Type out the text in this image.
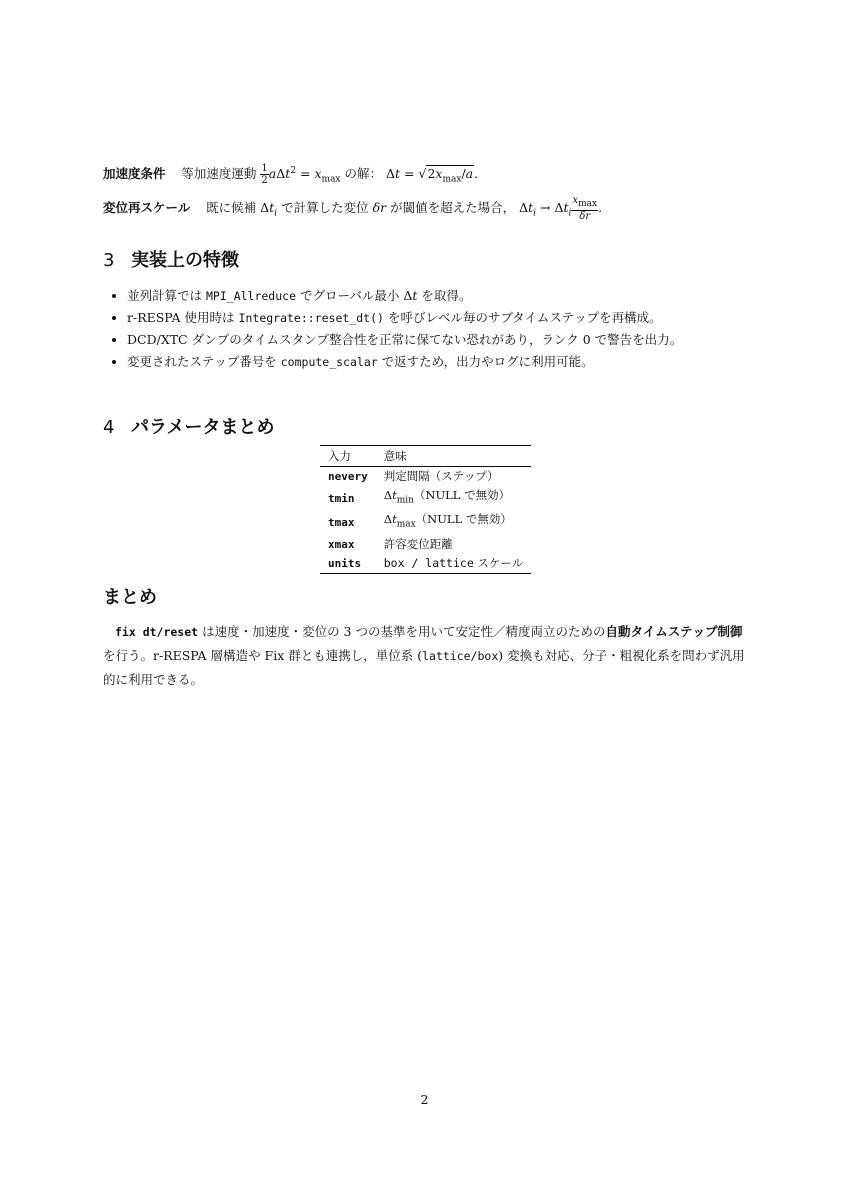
加速度条件 等加速度運動 $\frac{1}{2} a\Delta t^2 = x_{max}$ の解： $\Delta t = √2x_{max}/a$.
変位再スケール 既に候補 $\Delta t_i$ で計算した変位 δr が閾値を超えた場合， $\Delta t_i \to \Delta t_i \frac{x_{max}}{\delta r}$ .
3 実装上の特徴
• 並列計算では MPI_Allreduce でグローバル最小 Δt を取得。
• r-RESPA 使用時は Integrate::reset_dt() を呼びレベル毎のサブタイムステップを再構成。
• DCD/XTC ダンプのタイムスタンプ整合性を正常に保てない恐れがあり，ランク 0 で警告を出力。
• 変更されたステップ番号を compute_scalar で返すため，出力やログに利用可能。
4 パラメータまとめ
入力	意味
nevery	判定間隔（ステップ）
tmin	$\Delta t_{min}(NULL$ で無効）
tmax	$\Delta t_{max}(NULL$ で無効）
xmax	許容変位距離
units	box / lattice スケール
まとめ
fix dt/reset は速度・加速度・変位の 3 つの基準を用いて安定性／精度両立のための自動タイムステップ制御 を行う。r-RESPA 層構造や Fix 群とも連携し，単位系 (lattice/box) 変換も対応、分子・粗視化系を問わず汎用的に利用できる。
2
